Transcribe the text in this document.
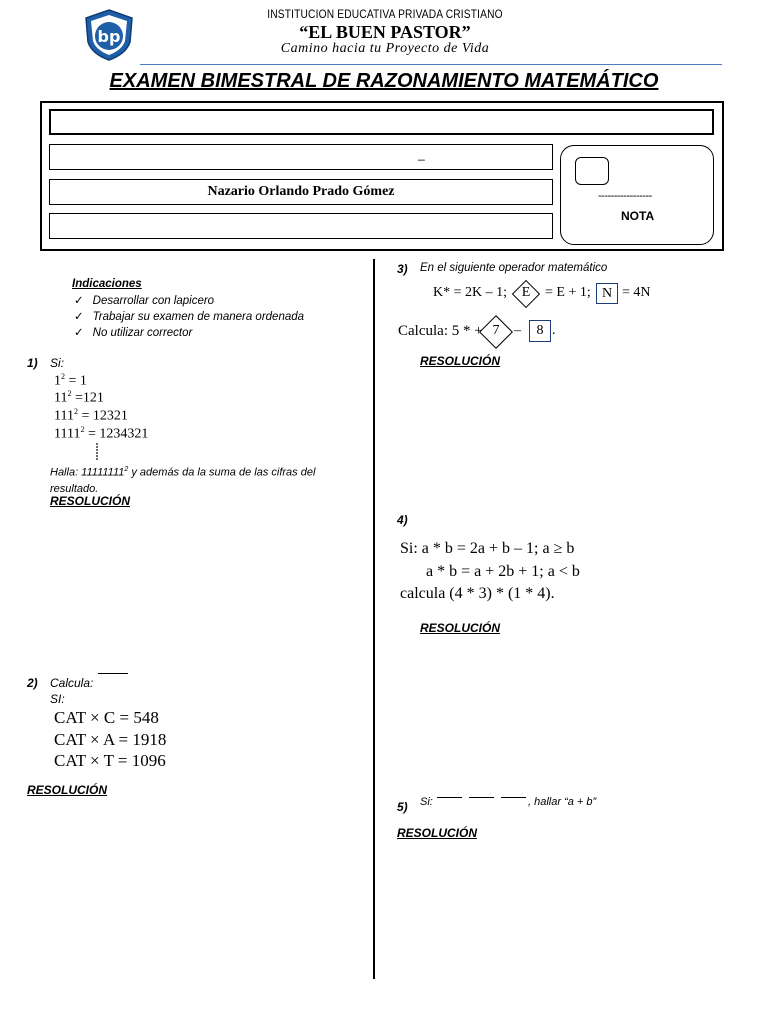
bp
INSTITUCION EDUCATIVA PRIVADA CRISTIANO
“EL BUEN PASTOR”
Camino hacia tu Proyecto de Vida
EXAMEN BIMESTRAL DE RAZONAMIENTO MATEMÁTICO
_
Nazario Orlando Prado Gómez	-----------------
NOTA
Indicaciones
✓ Desarrollar con lapicero
✓ Trabajar su examen de manera ordenada
✓ No utilizar corrector
1) Si:
$1^2 = 1$
$11^2 =121$
$111^2 = 12321$
$1111^2 = 1234321$
Halla: 11111111$^2$ y además da la suma de las cifras del resultado.
RESOLUCIÓN
2) Calcula:
SI:
CAT × C = 548
CAT × A = 1918
CAT × T = 1096
RESOLUCIÓN
3) En el siguiente operador matemático
K* = 2K – 1;	E	= E + 1; N = 4N
Calcula: 5 * + 7	– 8 .
RESOLUCIÓN
4)
Si: a * b = 2a + b – 1; a ≥ b
a * b = a + 2b + 1; a < b
calcula (4 * 3) * (1 * 4).
RESOLUCIÓN
5) Si:	, hallar “a + b”
RESOLUCIÓN
